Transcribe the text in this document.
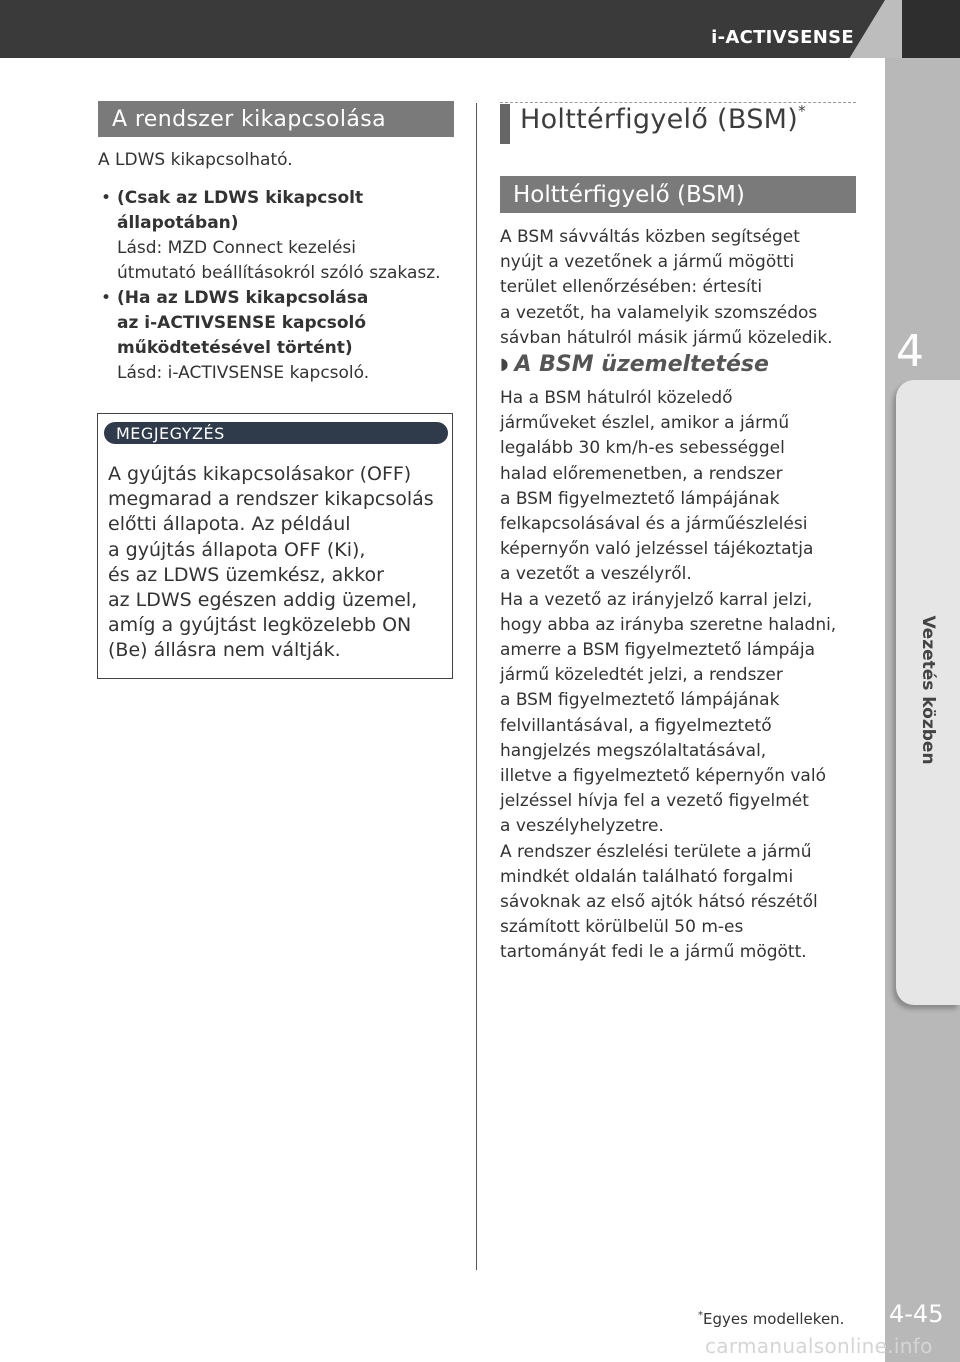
i-ACTIVSENSE
4
Vezetés közben
A rendszer kikapcsolása
A LDWS kikapcsolható.
• (Csak az LDWS kikapcsolt
állapotában)
Lásd: MZD Connect kezelési
útmutató beállításokról szóló szakasz.
• (Ha az LDWS kikapcsolása
az i-ACTIVSENSE kapcsoló
működtetésével történt)
Lásd: i-ACTIVSENSE kapcsoló.
MEGJEGYZÉS
A gyújtás kikapcsolásakor (OFF)
megmarad a rendszer kikapcsolás
előtti állapota. Az például
a gyújtás állapota OFF (Ki),
és az LDWS üzemkész, akkor
az LDWS egészen addig üzemel,
amíg a gyújtást legközelebb ON
(Be) állásra nem váltják.
Holttérfigyelő (BSM)*
Holttérfigyelő (BSM)
A BSM sávváltás közben segítséget
nyújt a vezetőnek a jármű mögötti
terület ellenőrzésében: értesíti
a vezetőt, ha valamelyik szomszédos
sávban hátulról másik jármű közeledik.
◗ A BSM üzemeltetése
Ha a BSM hátulról közeledő
járműveket észlel, amikor a jármű
legalább 30 km/h-es sebességgel
halad előremenetben, a rendszer
a BSM figyelmeztető lámpájának
felkapcsolásával és a járműészlelési
képernyőn való jelzéssel tájékoztatja
a vezetőt a veszélyről.
Ha a vezető az irányjelző karral jelzi,
hogy abba az irányba szeretne haladni,
amerre a BSM figyelmeztető lámpája
jármű közeledtét jelzi, a rendszer
a BSM figyelmeztető lámpájának
felvillantásával, a figyelmeztető
hangjelzés megszólaltatásával,
illetve a figyelmeztető képernyőn való
jelzéssel hívja fel a vezető figyelmét
a veszélyhelyzetre.
A rendszer észlelési területe a jármű
mindkét oldalán található forgalmi
sávoknak az első ajtók hátsó részétől
számított körülbelül 50 m-es
tartományát fedi le a jármű mögött.
*Egyes modelleken. 4-45
carmanualsonline.info
